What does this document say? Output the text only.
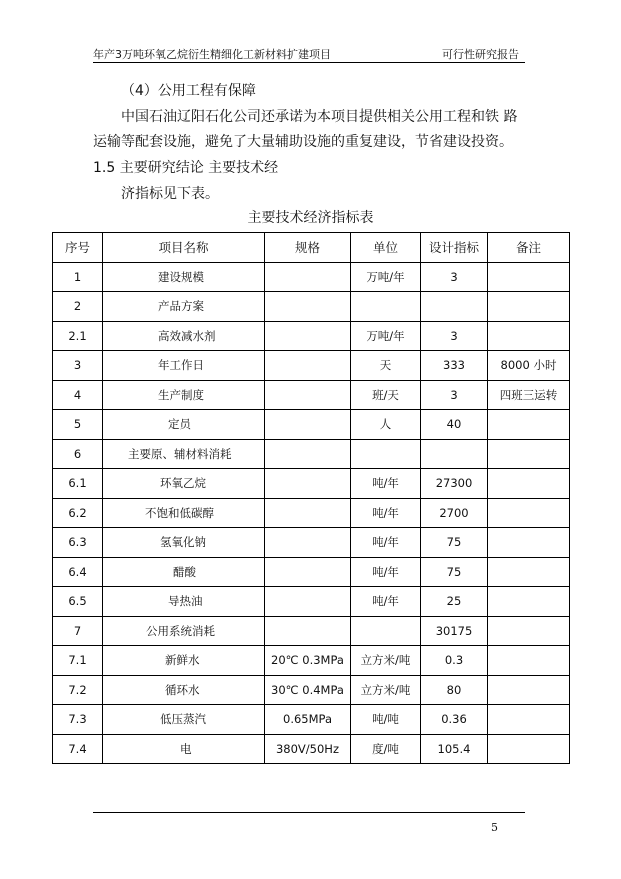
年产3万吨环氧乙烷衍生精细化工新材料扩建项目	可行性研究报告
（4）公用工程有保障
中国石油辽阳石化公司还承诺为本项目提供相关公用工程和铁 路
运输等配套设施，避免了大量辅助设施的重复建设，节省建设投资。
1.5 主要研究结论 主要技术经
济指标见下表。
主要技术经济指标表
序号	项目名称	规格	单位	设计指标	备注
1	建设规模		万吨/年	3	
2	产品方案				
2.1	高效减水剂		万吨/年	3	
3	年工作日		天	333	8000 小时
4	生产制度		班/天	3	四班三运转
5	定员		人	40	
6	主要原、辅材料消耗				
6.1	环氧乙烷		吨/年	27300	
6.2	不饱和低碳醇		吨/年	2700	
6.3	氢氧化钠		吨/年	75	
6.4	醋酸		吨/年	75	
6.5	导热油		吨/年	25	
7	公用系统消耗			30175	
7.1	新鲜水	20℃ 0.3MPa	立方米/吨	0.3	
7.2	循环水	30℃ 0.4MPa	立方米/吨	80	
7.3	低压蒸汽	0.65MPa	吨/吨	0.36	
7.4	电	380V/50Hz	度/吨	105.4	
5
